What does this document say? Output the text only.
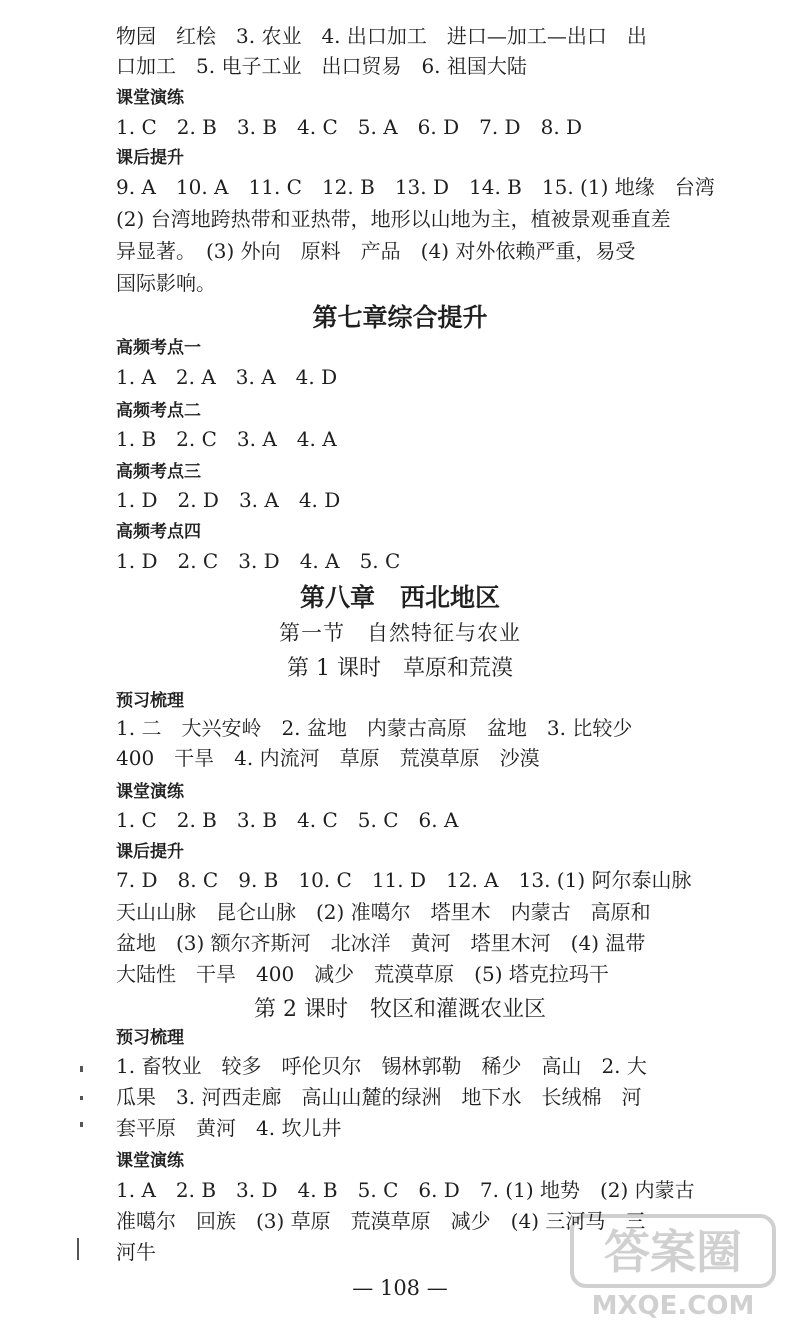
物园　红桧　3. 农业　4. 出口加工　进口—加工—出口　出
口加工　5. 电子工业　出口贸易　6. 祖国大陆
课堂演练
1. C　2. B　3. B　4. C　5. A　6. D　7. D　8. D
课后提升
9. A　10. A　11. C　12. B　13. D　14. B　15. (1) 地缘　台湾
(2) 台湾地跨热带和亚热带，地形以山地为主，植被景观垂直差
异显著。　(3) 外向　原料　产品　(4) 对外依赖严重，易受
国际影响。
第七章综合提升
高频考点一
1. A　2. A　3. A　4. D
高频考点二
1. B　2. C　3. A　4. A
高频考点三
1. D　2. D　3. A　4. D
高频考点四
1. D　2. C　3. D　4. A　5. C
第八章　西北地区
第一节　自然特征与农业
第 1 课时　草原和荒漠
预习梳理
1. 二　大兴安岭　2. 盆地　内蒙古高原　盆地　3. 比较少
400　干旱　4. 内流河　草原　荒漠草原　沙漠
课堂演练
1. C　2. B　3. B　4. C　5. C　6. A
课后提升
7. D　8. C　9. B　10. C　11. D　12. A　13. (1) 阿尔泰山脉
天山山脉　昆仑山脉　(2) 准噶尔　塔里木　内蒙古　高原和
盆地　(3) 额尔齐斯河　北冰洋　黄河　塔里木河　(4) 温带
大陆性　干旱　400　减少　荒漠草原　(5) 塔克拉玛干
第 2 课时　牧区和灌溉农业区
预习梳理
1. 畜牧业　较多　呼伦贝尔　锡林郭勒　稀少　高山　2. 大
瓜果　3. 河西走廊　高山山麓的绿洲　地下水　长绒棉　河
套平原　黄河　4. 坎儿井
课堂演练
1. A　2. B　3. D　4. B　5. C　6. D　7. (1) 地势　(2) 内蒙古
准噶尔　回族　(3) 草原　荒漠草原　减少　(4) 三河马　三
河牛
— 108 —
答案圈
MXQE.COM
